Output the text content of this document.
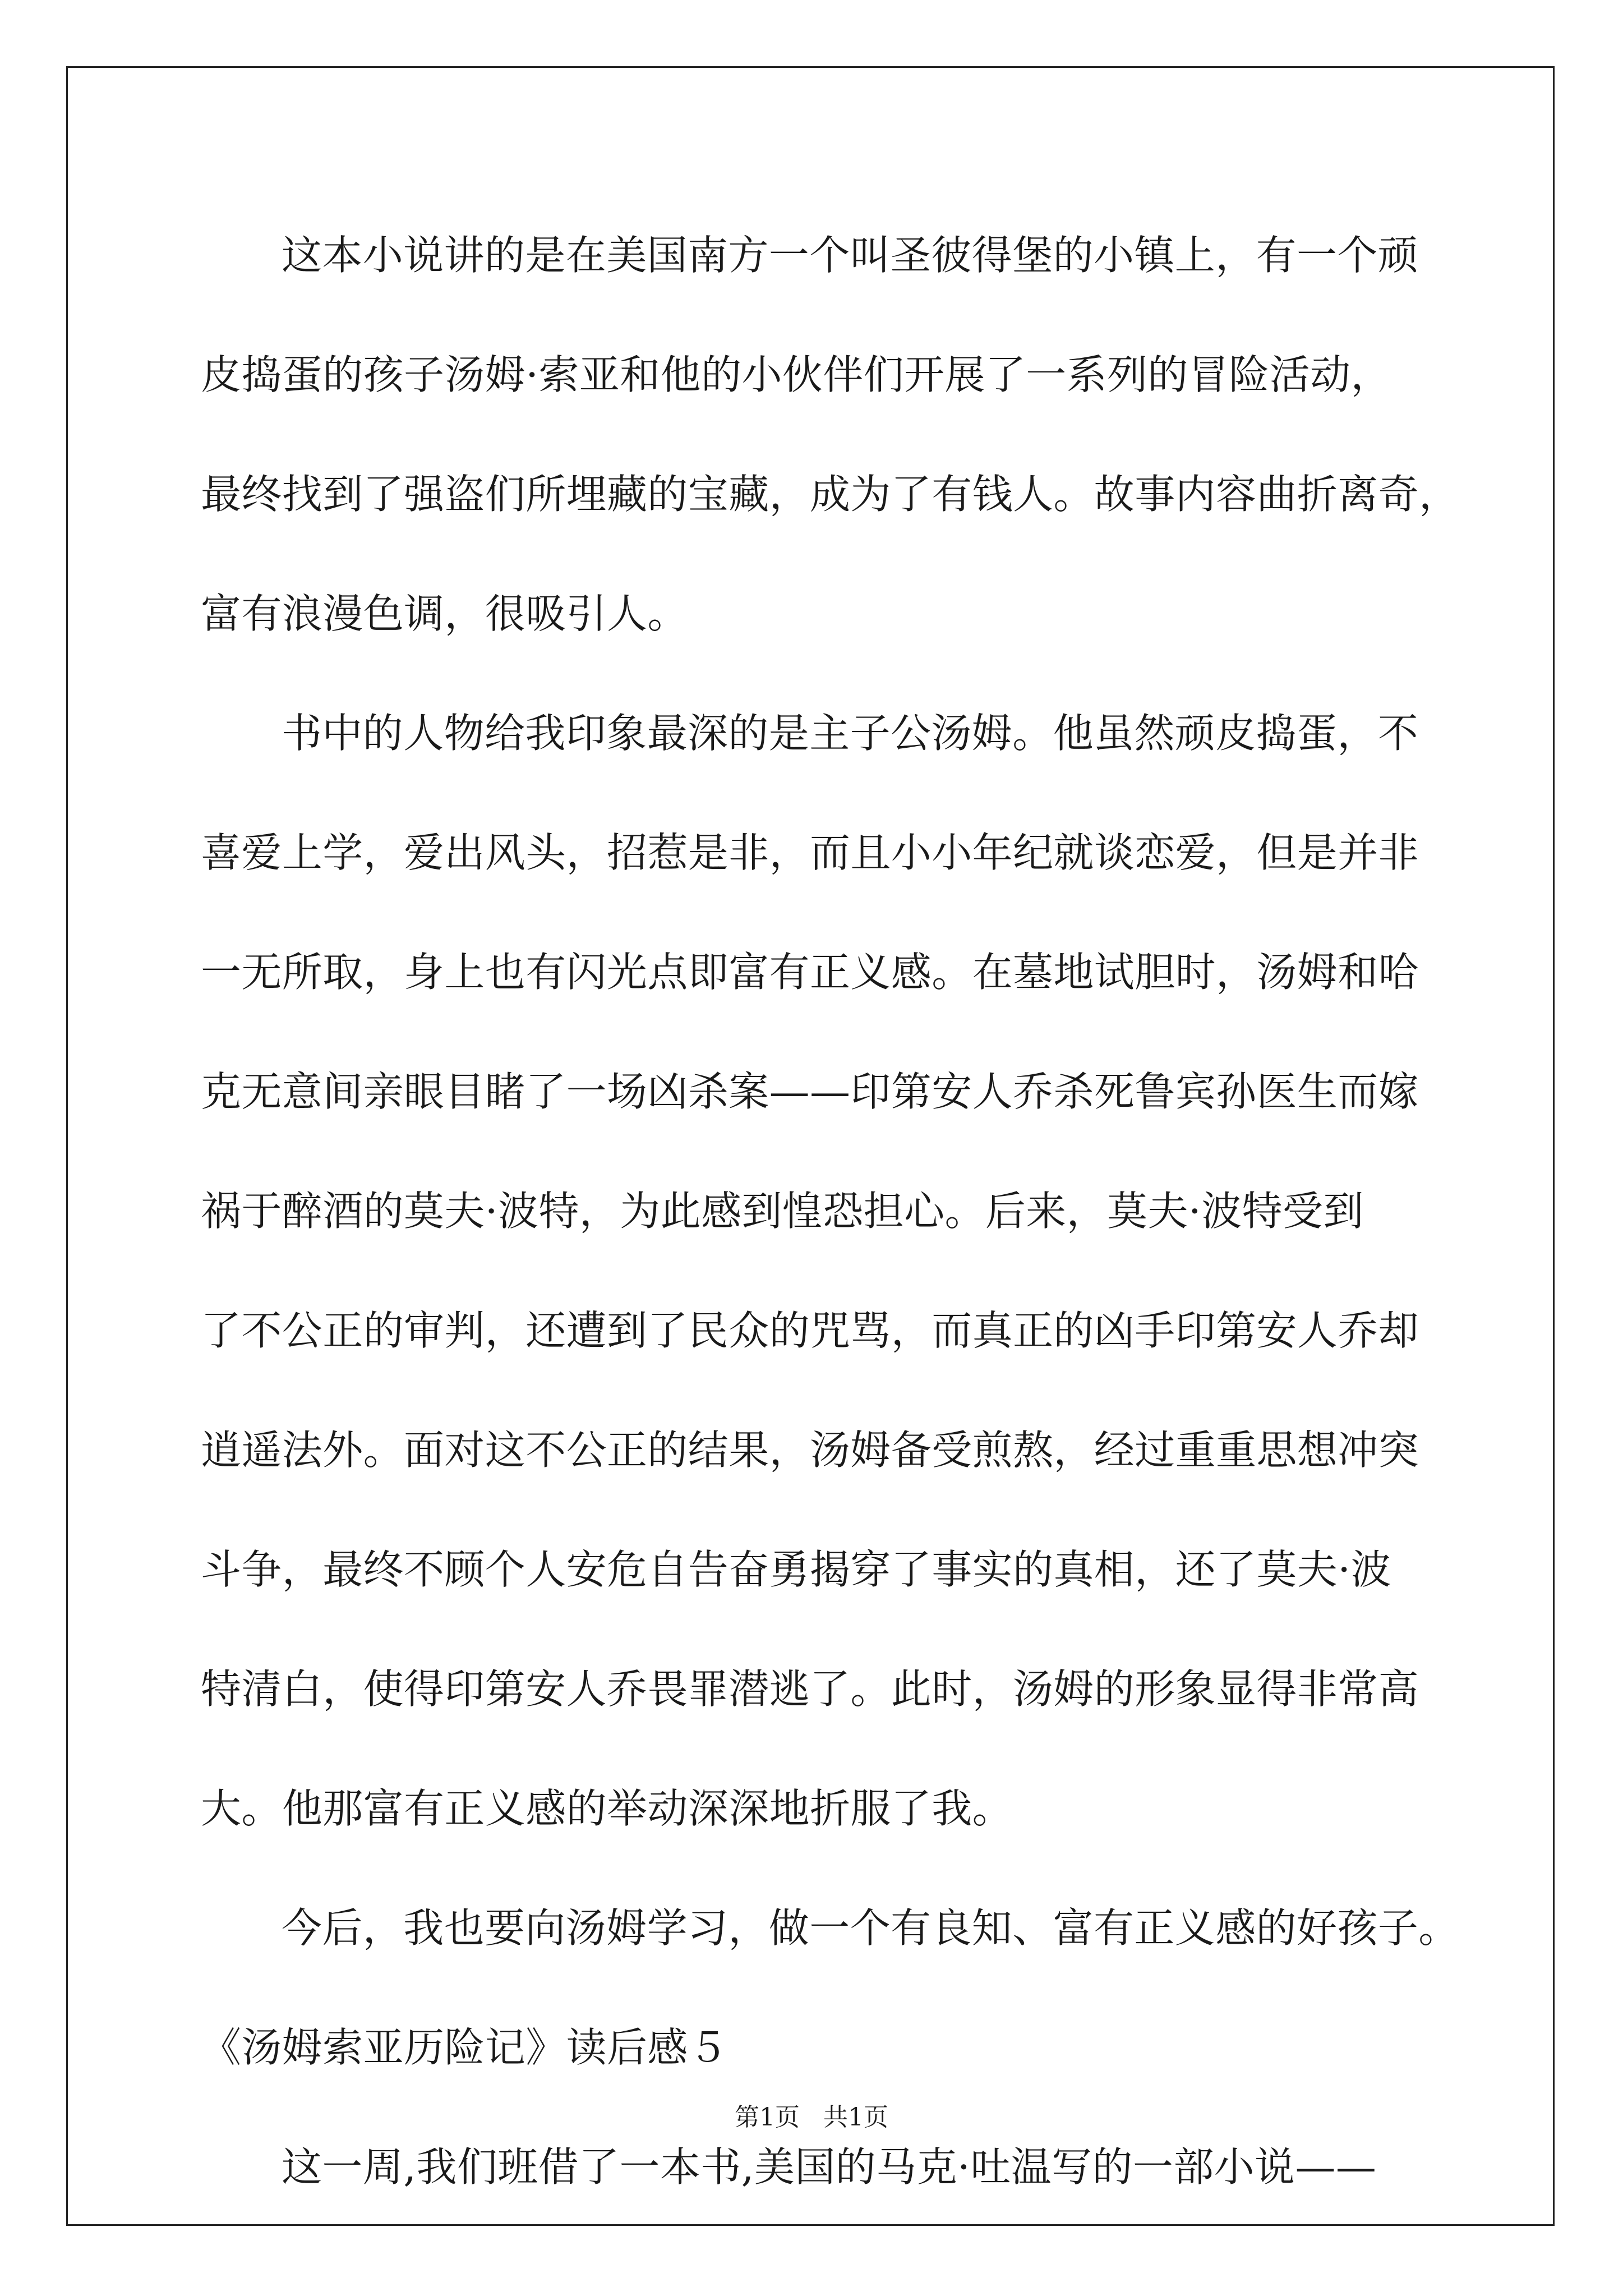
这本小说讲的是在美国南方一个叫圣彼得堡的小镇上，有一个顽
皮捣蛋的孩子汤姆·索亚和他的小伙伴们开展了一系列的冒险活动，
最终找到了强盗们所埋藏的宝藏，成为了有钱人。故事内容曲折离奇，
富有浪漫色调，很吸引人。
书中的人物给我印象最深的是主子公汤姆。他虽然顽皮捣蛋，不
喜爱上学，爱出风头，招惹是非，而且小小年纪就谈恋爱，但是并非
一无所取，身上也有闪光点即富有正义感。在墓地试胆时，汤姆和哈
克无意间亲眼目睹了一场凶杀案——印第安人乔杀死鲁宾孙医生而嫁
祸于醉酒的莫夫·波特，为此感到惶恐担心。后来，莫夫·波特受到
了不公正的审判，还遭到了民众的咒骂，而真正的凶手印第安人乔却
逍遥法外。面对这不公正的结果，汤姆备受煎熬，经过重重思想冲突
斗争，最终不顾个人安危自告奋勇揭穿了事实的真相，还了莫夫·波
特清白，使得印第安人乔畏罪潜逃了。此时，汤姆的形象显得非常高
大。他那富有正义感的举动深深地折服了我。
今后，我也要向汤姆学习，做一个有良知、富有正义感的好孩子。
《汤姆索亚历险记》读后感５
这一周,我们班借了一本书,美国的马克·吐温写的一部小说——
第1页   共1页
